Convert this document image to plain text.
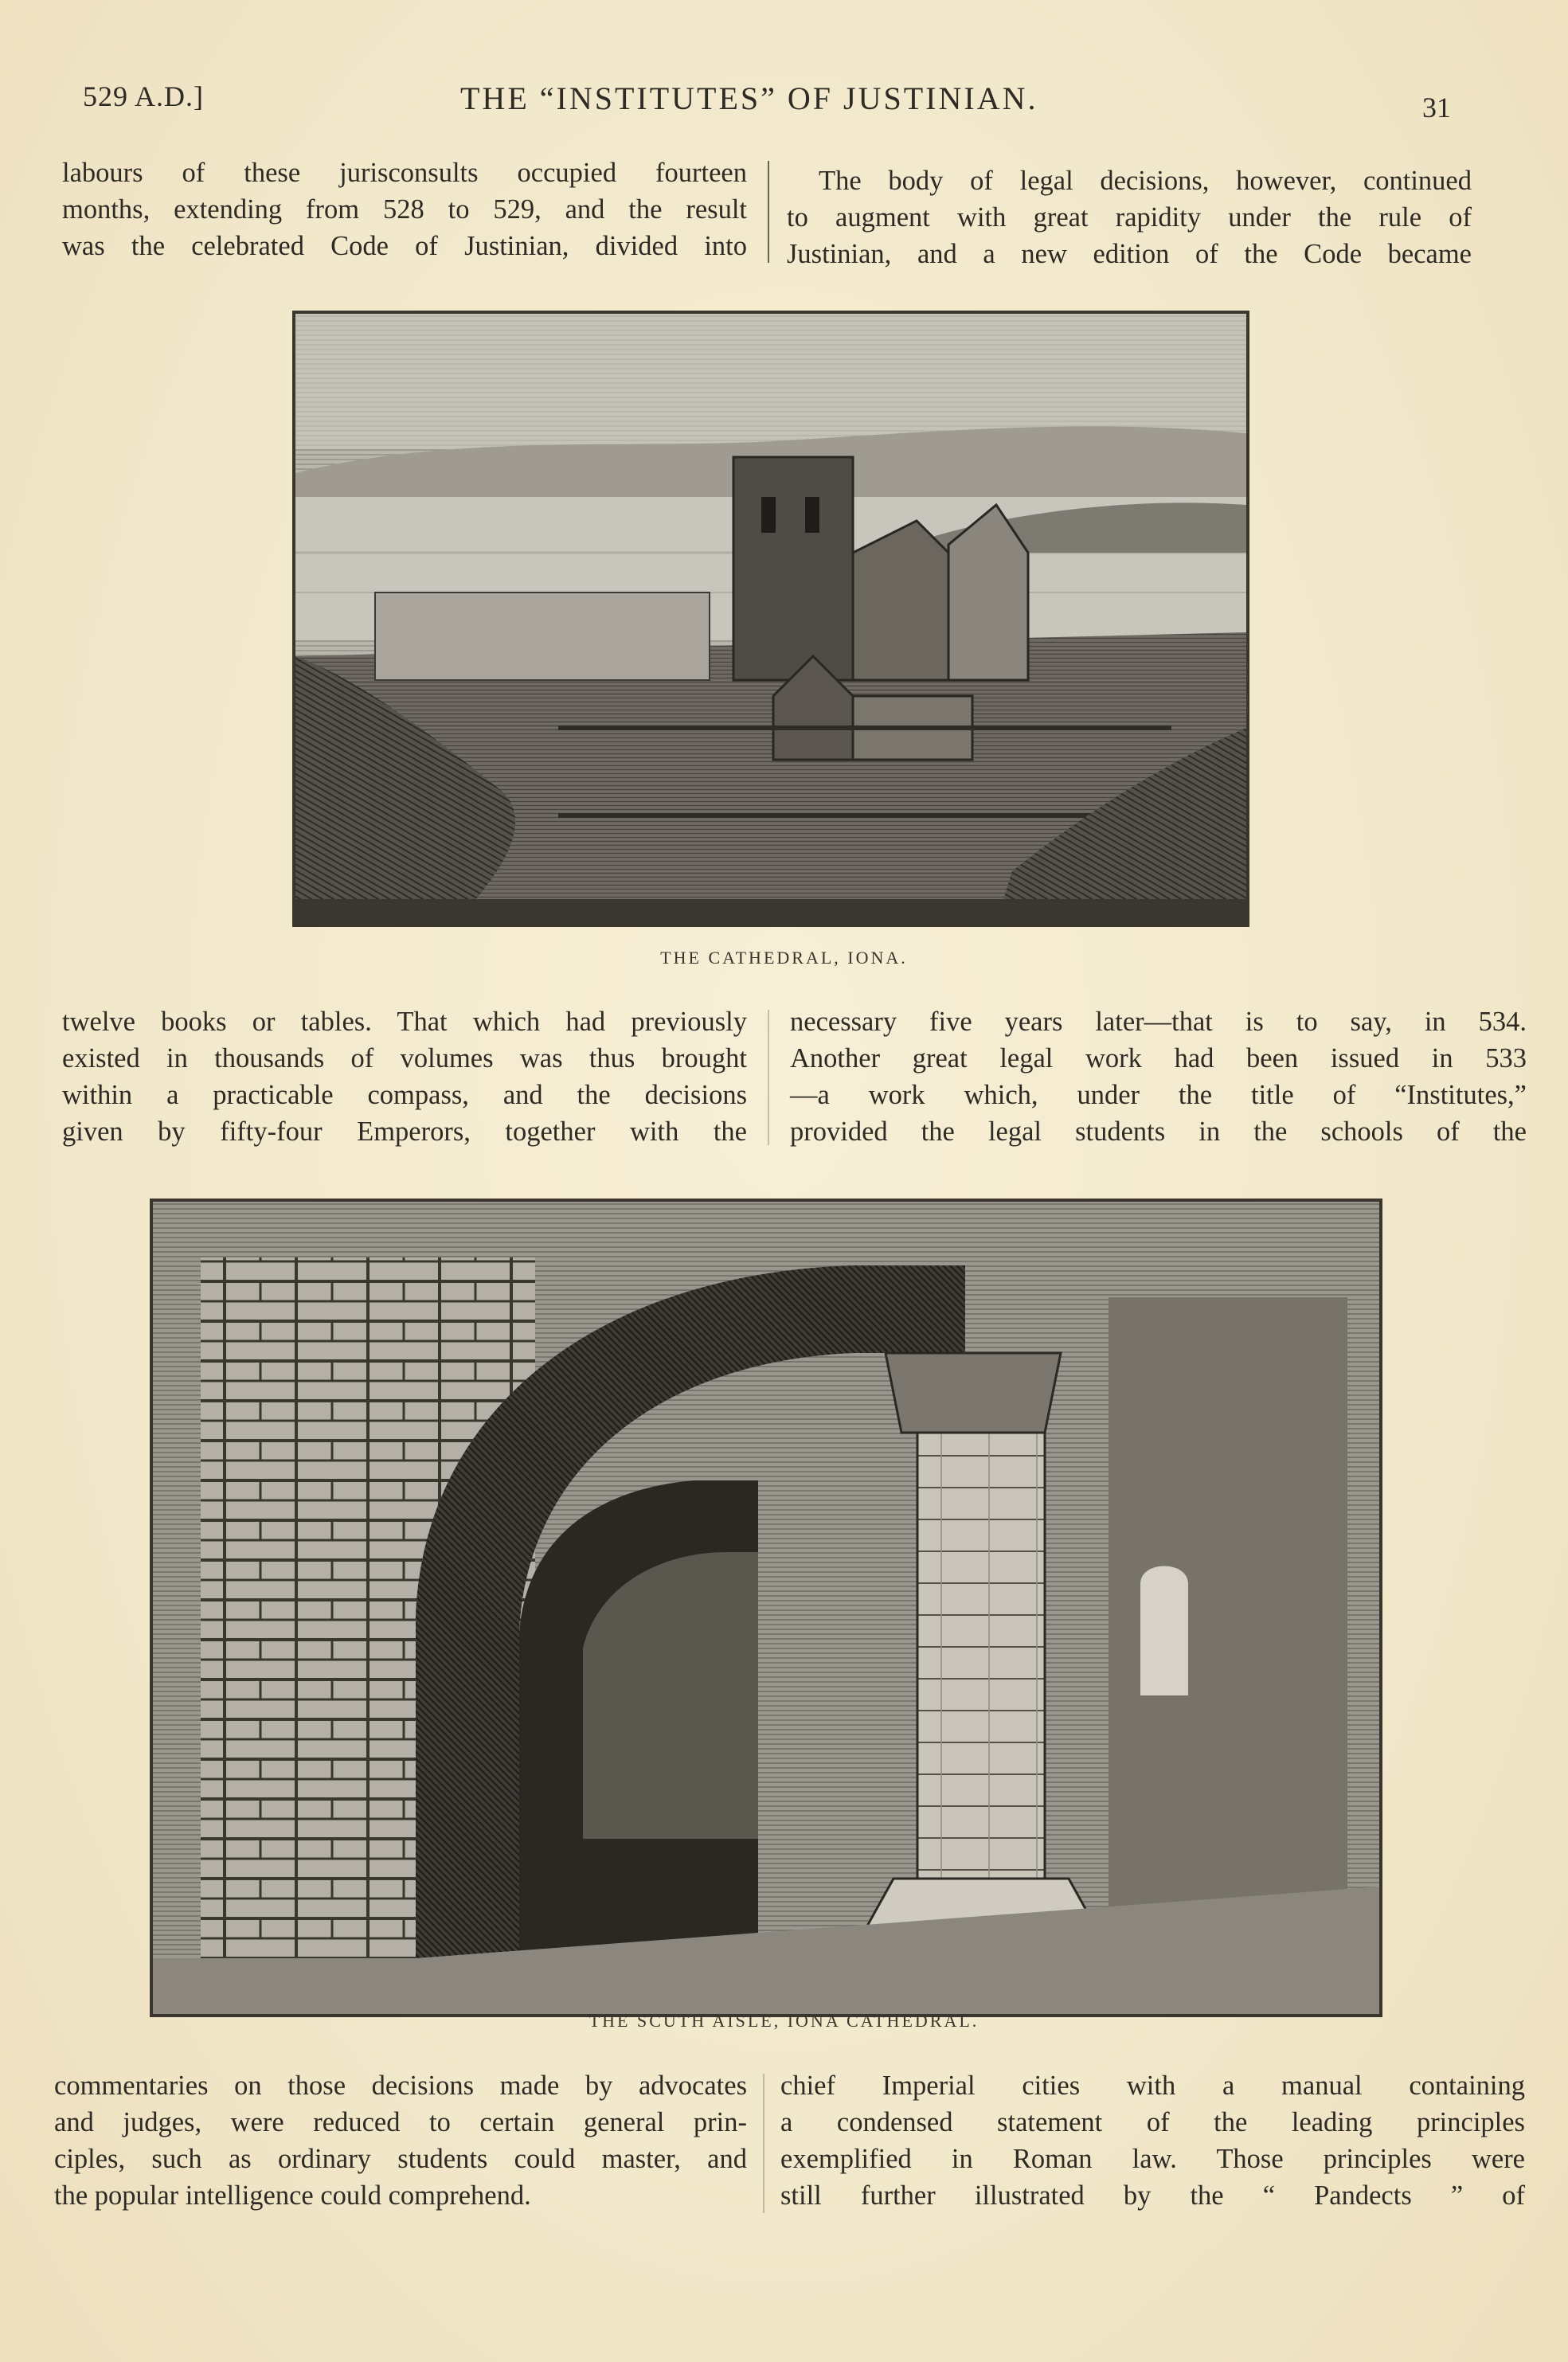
529 A.D.]	THE “INSTITUTES” OF JUSTINIAN.	31
labours of these jurisconsults occupied fourteen
months, extending from 528 to 529, and the result
was the celebrated Code of Justinian, divided into
The body of legal decisions, however, continued
to augment with great rapidity under the rule of
Justinian, and a new edition of the Code became
THE CATHEDRAL, IONA.
twelve books or tables. That which had previously
existed in thousands of volumes was thus brought
within a practicable compass, and the decisions
given by fifty-four Emperors, together with the
necessary five years later—that is to say, in 534.
Another great legal work had been issued in 533
—a work which, under the title of “Institutes,”
provided the legal students in the schools of the
THE SCUTH AISLE, IONA CATHEDRAL.
commentaries on those decisions made by advocates
and judges, were reduced to certain general prin-
ciples, such as ordinary students could master, and
the popular intelligence could comprehend.
chief Imperial cities with a manual containing
a condensed statement of the leading principles
exemplified in Roman law. Those principles were
still further illustrated by the “ Pandects ” of
